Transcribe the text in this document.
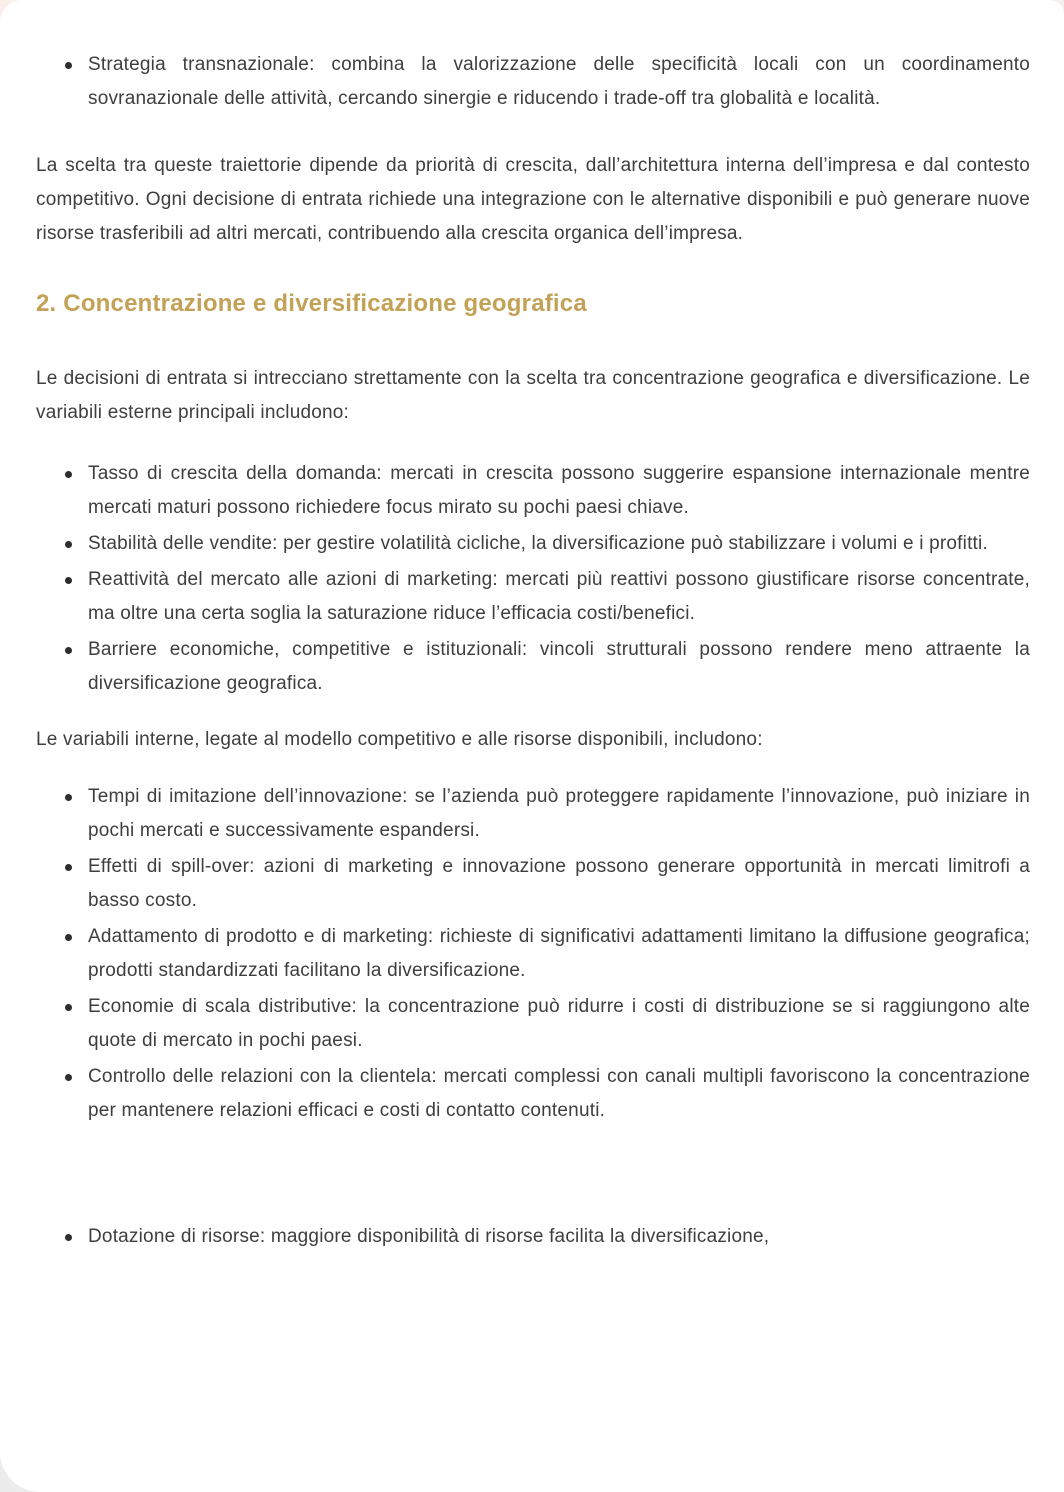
Strategia transnazionale: combina la valorizzazione delle specificità locali con un coordinamento sovranazionale delle attività, cercando sinergie e riducendo i trade-off tra globalità e località.

La scelta tra queste traiettorie dipende da priorità di crescita, dall’architettura interna dell’impresa e dal contesto competitivo. Ogni decisione di entrata richiede una integrazione con le alternative disponibili e può generare nuove risorse trasferibili ad altri mercati, contribuendo alla crescita organica dell’impresa.

2. Concentrazione e diversificazione geografica

Le decisioni di entrata si intrecciano strettamente con la scelta tra concentrazione geografica e diversificazione. Le variabili esterne principali includono:

Tasso di crescita della domanda: mercati in crescita possono suggerire espansione internazionale mentre mercati maturi possono richiedere focus mirato su pochi paesi chiave.
Stabilità delle vendite: per gestire volatilità cicliche, la diversificazione può stabilizzare i volumi e i profitti.
Reattività del mercato alle azioni di marketing: mercati più reattivi possono giustificare risorse concentrate, ma oltre una certa soglia la saturazione riduce l’efficacia costi/benefici.
Barriere economiche, competitive e istituzionali: vincoli strutturali possono rendere meno attraente la diversificazione geografica.

Le variabili interne, legate al modello competitivo e alle risorse disponibili, includono:

Tempi di imitazione dell’innovazione: se l’azienda può proteggere rapidamente l’innovazione, può iniziare in pochi mercati e successivamente espandersi.
Effetti di spill-over: azioni di marketing e innovazione possono generare opportunità in mercati limitrofi a basso costo.
Adattamento di prodotto e di marketing: richieste di significativi adattamenti limitano la diffusione geografica; prodotti standardizzati facilitano la diversificazione.
Economie di scala distributive: la concentrazione può ridurre i costi di distribuzione se si raggiungono alte quote di mercato in pochi paesi.
Controllo delle relazioni con la clientela: mercati complessi con canali multipli favoriscono la concentrazione per mantenere relazioni efficaci e costi di contatto contenuti.
Dotazione di risorse: maggiore disponibilità di risorse facilita la diversificazione,
